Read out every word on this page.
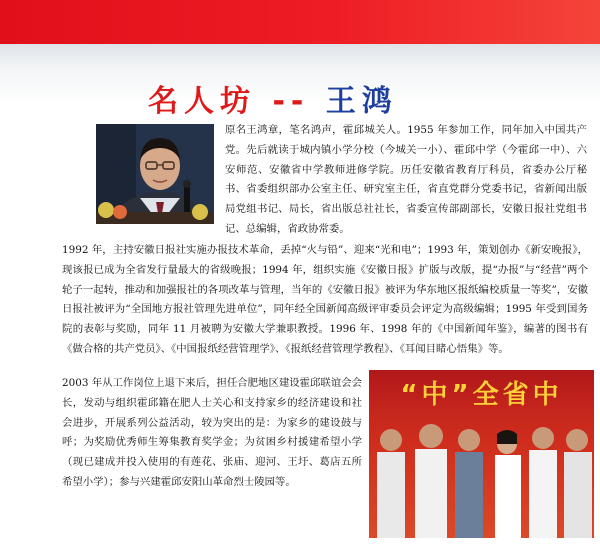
名人坊 -- 王鸿

原名王鸿章，笔名鸿声，霍邱城关人。1955 年参加工作，同年加入中国共产党。先后就读于城内镇小学分校（今城关一小）、霍邱中学（今霍邱一中）、六安师范、安徽省中学教师进修学院。历任安徽省教育厅科员，省委办公厅秘书、省委组织部办公室主任、研究室主任，省直党群分党委书记，省新闻出版局党组书记、局长，省出版总社社长，省委宣传部副部长，安徽日报社党组书记、总编辑，省政协常委。

1992 年，主持安徽日报社实施办报技术革命，丢掉“火与铅”、迎来“光和电”；1993 年，策划创办《新安晚报》，现该报已成为全省发行量最大的省级晚报；1994 年，组织实施《安徽日报》扩版与改版，提“办报”与“经营”两个轮子一起转，推动和加强报社的各项改革与管理，当年的《安徽日报》被评为华东地区报纸编校质量一等奖”，安徽日报社被评为“全国地方报社管理先进单位”，同年经全国新闻高级评审委员会评定为高级编辑；1995 年受到国务院的表彰与奖励，同年 11 月被聘为安徽大学兼职教授。1996 年、1998 年的《中国新闻年鉴》，编著的图书有《做合格的共产党员》、《中国报纸经营管理学》、《报纸经营管理学教程》、《耳闻目睹心悟集》等。

2003 年从工作岗位上退下来后，担任合肥地区建设霍邱联谊会会长，发动与组织霍邱籍在肥人士关心和支持家乡的经济建设和社会进步，开展系列公益活动，较为突出的是：为家乡的建设鼓与呼；为奖励优秀师生筹集教育奖学金；为贫困乡村援建希望小学（现已建成并投入使用的有莲花、张庙、迎河、王圩、葛店五所希望小学）；参与兴建霍邱安阳山革命烈士陵园等。

“中”全省中
